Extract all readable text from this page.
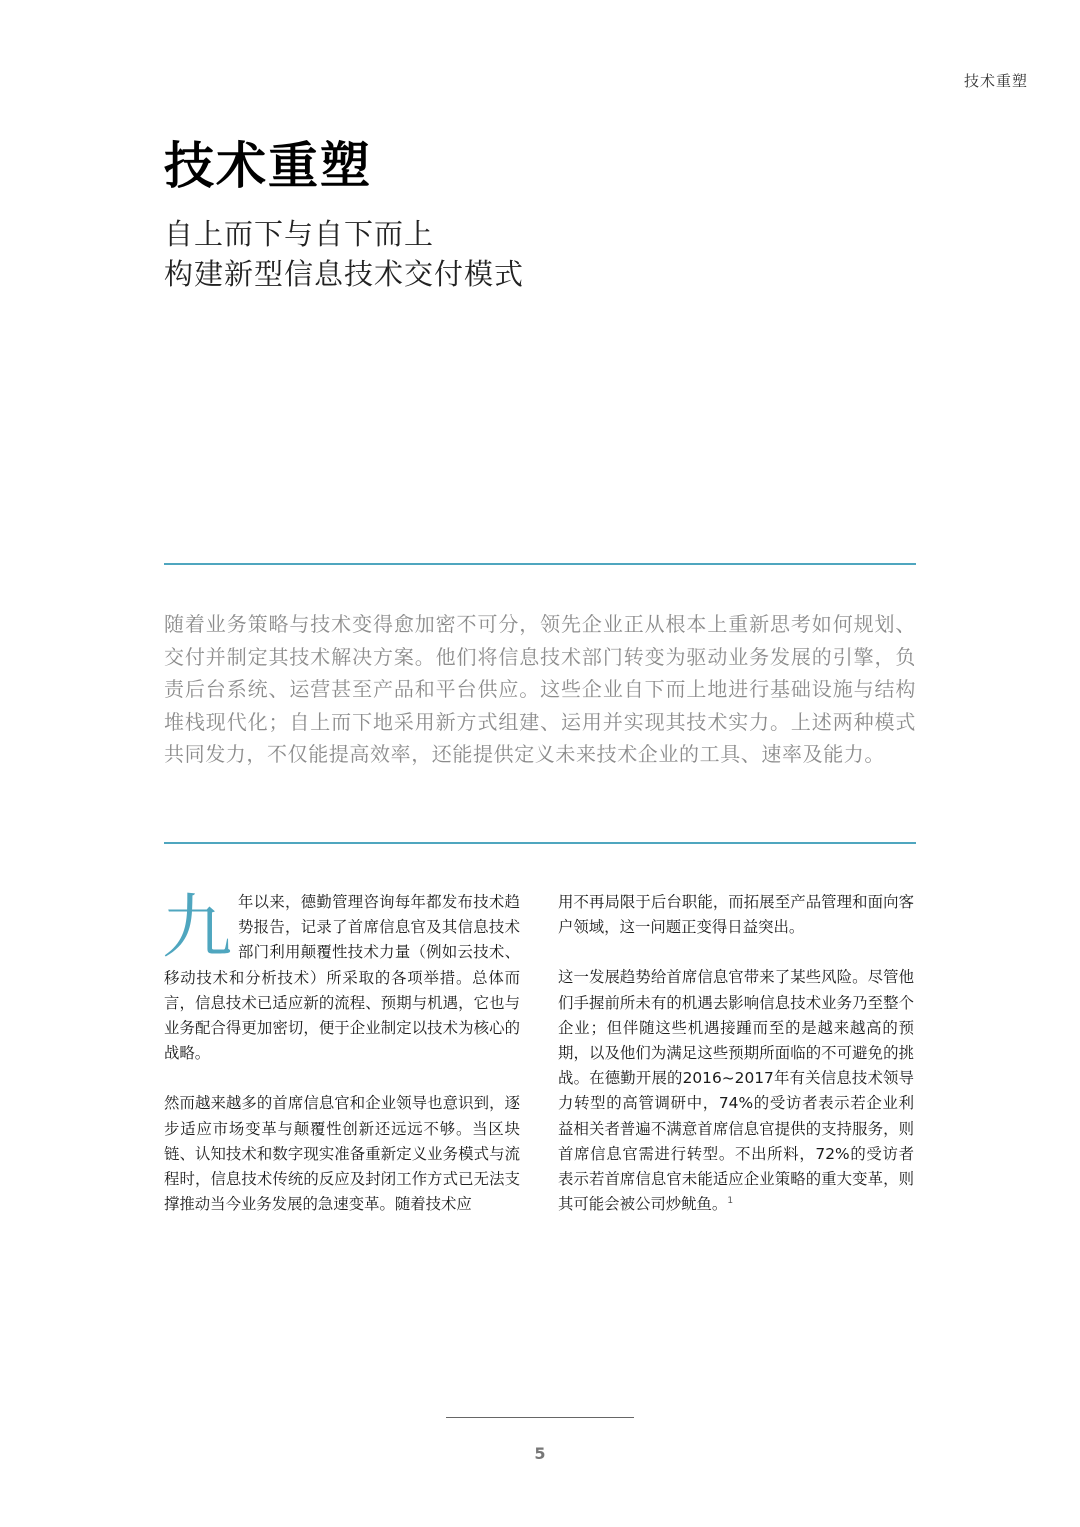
技术重塑
技术重塑
自上而下与自下而上
构建新型信息技术交付模式

随着业务策略与技术变得愈加密不可分，领先企业正从根本上重新思考如何规划、交付并制定其技术解决方案。他们将信息技术部门转变为驱动业务发展的引擎，负责后台系统、运营甚至产品和平台供应。这些企业自下而上地进行基础设施与结构堆栈现代化；自上而下地采用新方式组建、运用并实现其技术实力。上述两种模式共同发力，不仅能提高效率，还能提供定义未来技术企业的工具、速率及能力。

九年以来，德勤管理咨询每年都发布技术趋势报告，记录了首席信息官及其信息技术部门利用颠覆性技术力量（例如云技术、移动技术和分析技术）所采取的各项举措。总体而言，信息技术已适应新的流程、预期与机遇，它也与业务配合得更加密切，便于企业制定以技术为核心的战略。

然而越来越多的首席信息官和企业领导也意识到，逐步适应市场变革与颠覆性创新还远远不够。当区块链、认知技术和数字现实准备重新定义业务模式与流程时，信息技术传统的反应及封闭工作方式已无法支撑推动当今业务发展的急速变革。随着技术应

用不再局限于后台职能，而拓展至产品管理和面向客户领域，这一问题正变得日益突出。

这一发展趋势给首席信息官带来了某些风险。尽管他们手握前所未有的机遇去影响信息技术业务乃至整个企业；但伴随这些机遇接踵而至的是越来越高的预期，以及他们为满足这些预期所面临的不可避免的挑战。在德勤开展的2016~2017年有关信息技术领导力转型的高管调研中，74%的受访者表示若企业利益相关者普遍不满意首席信息官提供的支持服务，则首席信息官需进行转型。不出所料，72%的受访者表示若首席信息官未能适应企业策略的重大变革，则其可能会被公司炒鱿鱼。$^1$

5
